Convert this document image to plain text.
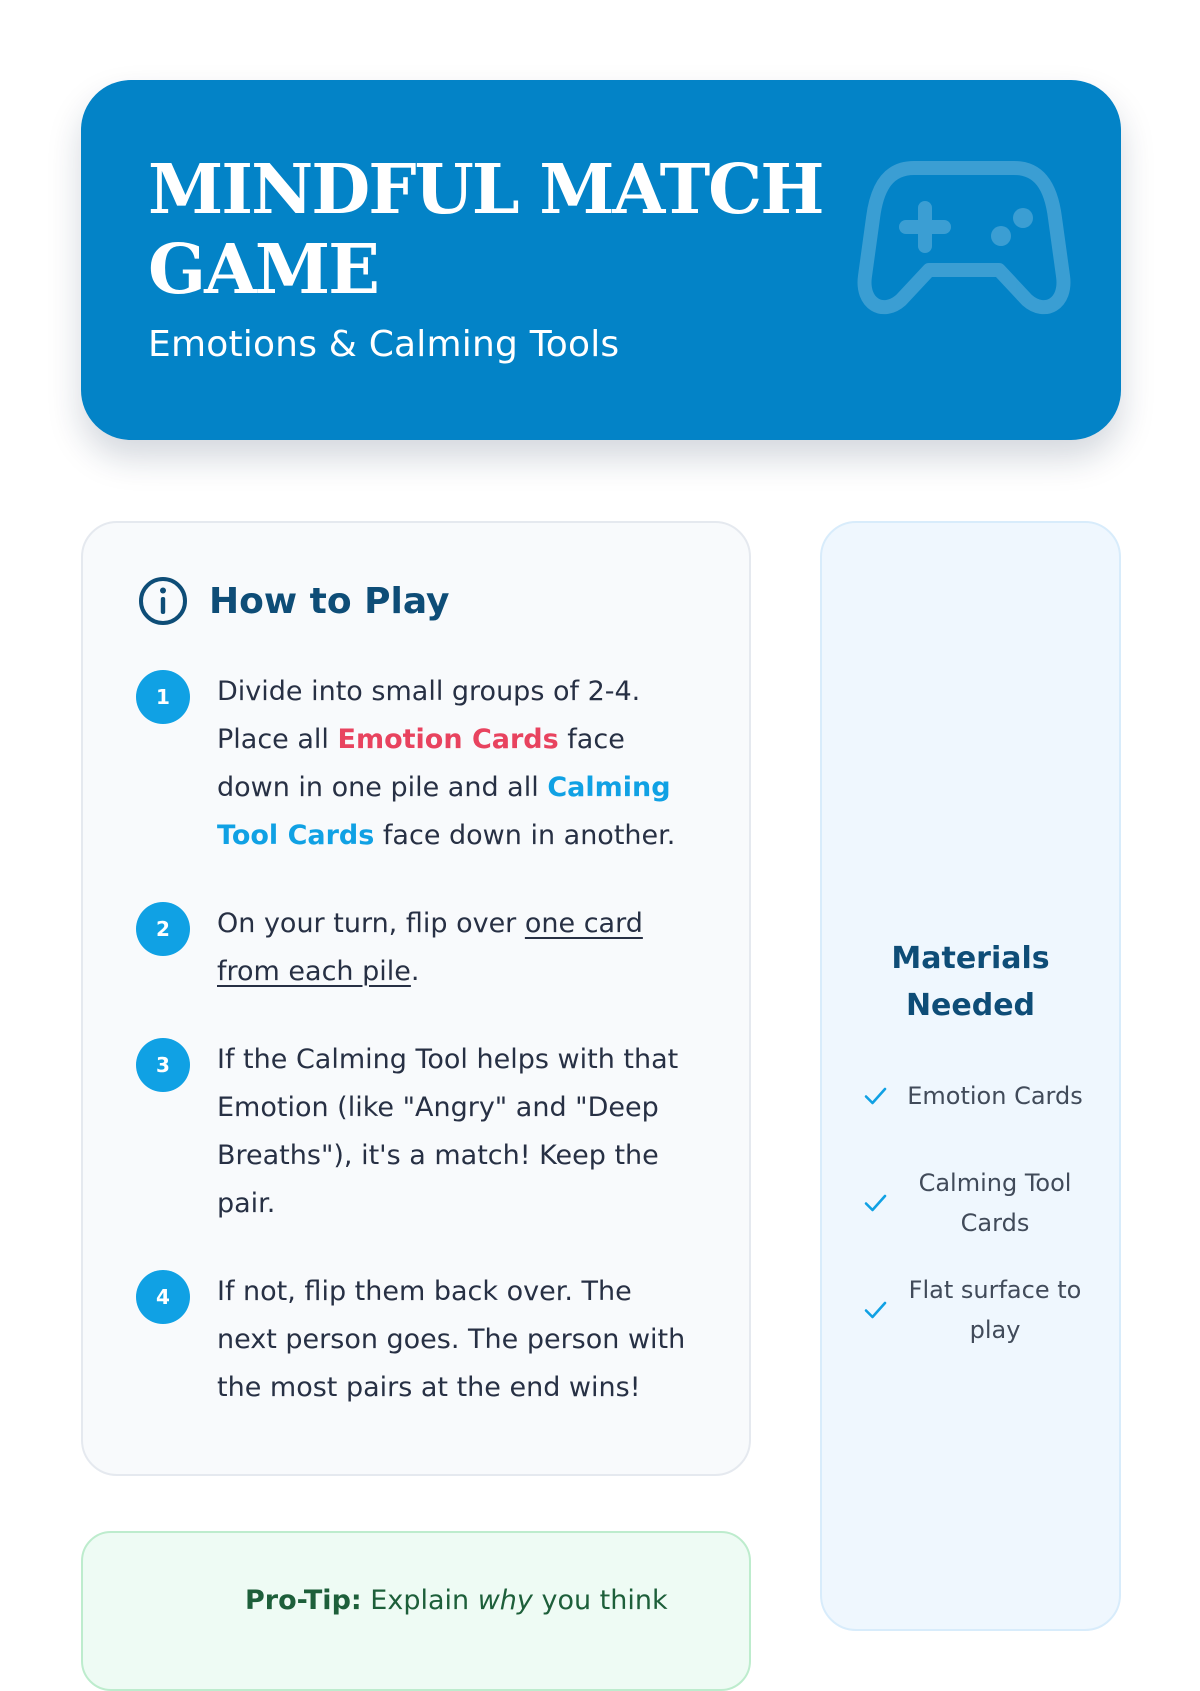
MINDFUL MATCH GAME

Emotions & Calming Tools

How to Play
1	Divide into small groups of 2-4. Place all Emotion Cards face down in one pile and all Calming Tool Cards face down in another.
2	On your turn, flip over one card from each pile.
3	If the Calming Tool helps with that Emotion (like "Angry" and "Deep Breaths"), it's a match! Keep the pair.
4	If not, flip them back over. The next person goes. The person with the most pairs at the end wins!
Materials Needed
Emotion Cards
Calming Tool Cards
Flat surface to play

Pro-Tip: Explain why you think
